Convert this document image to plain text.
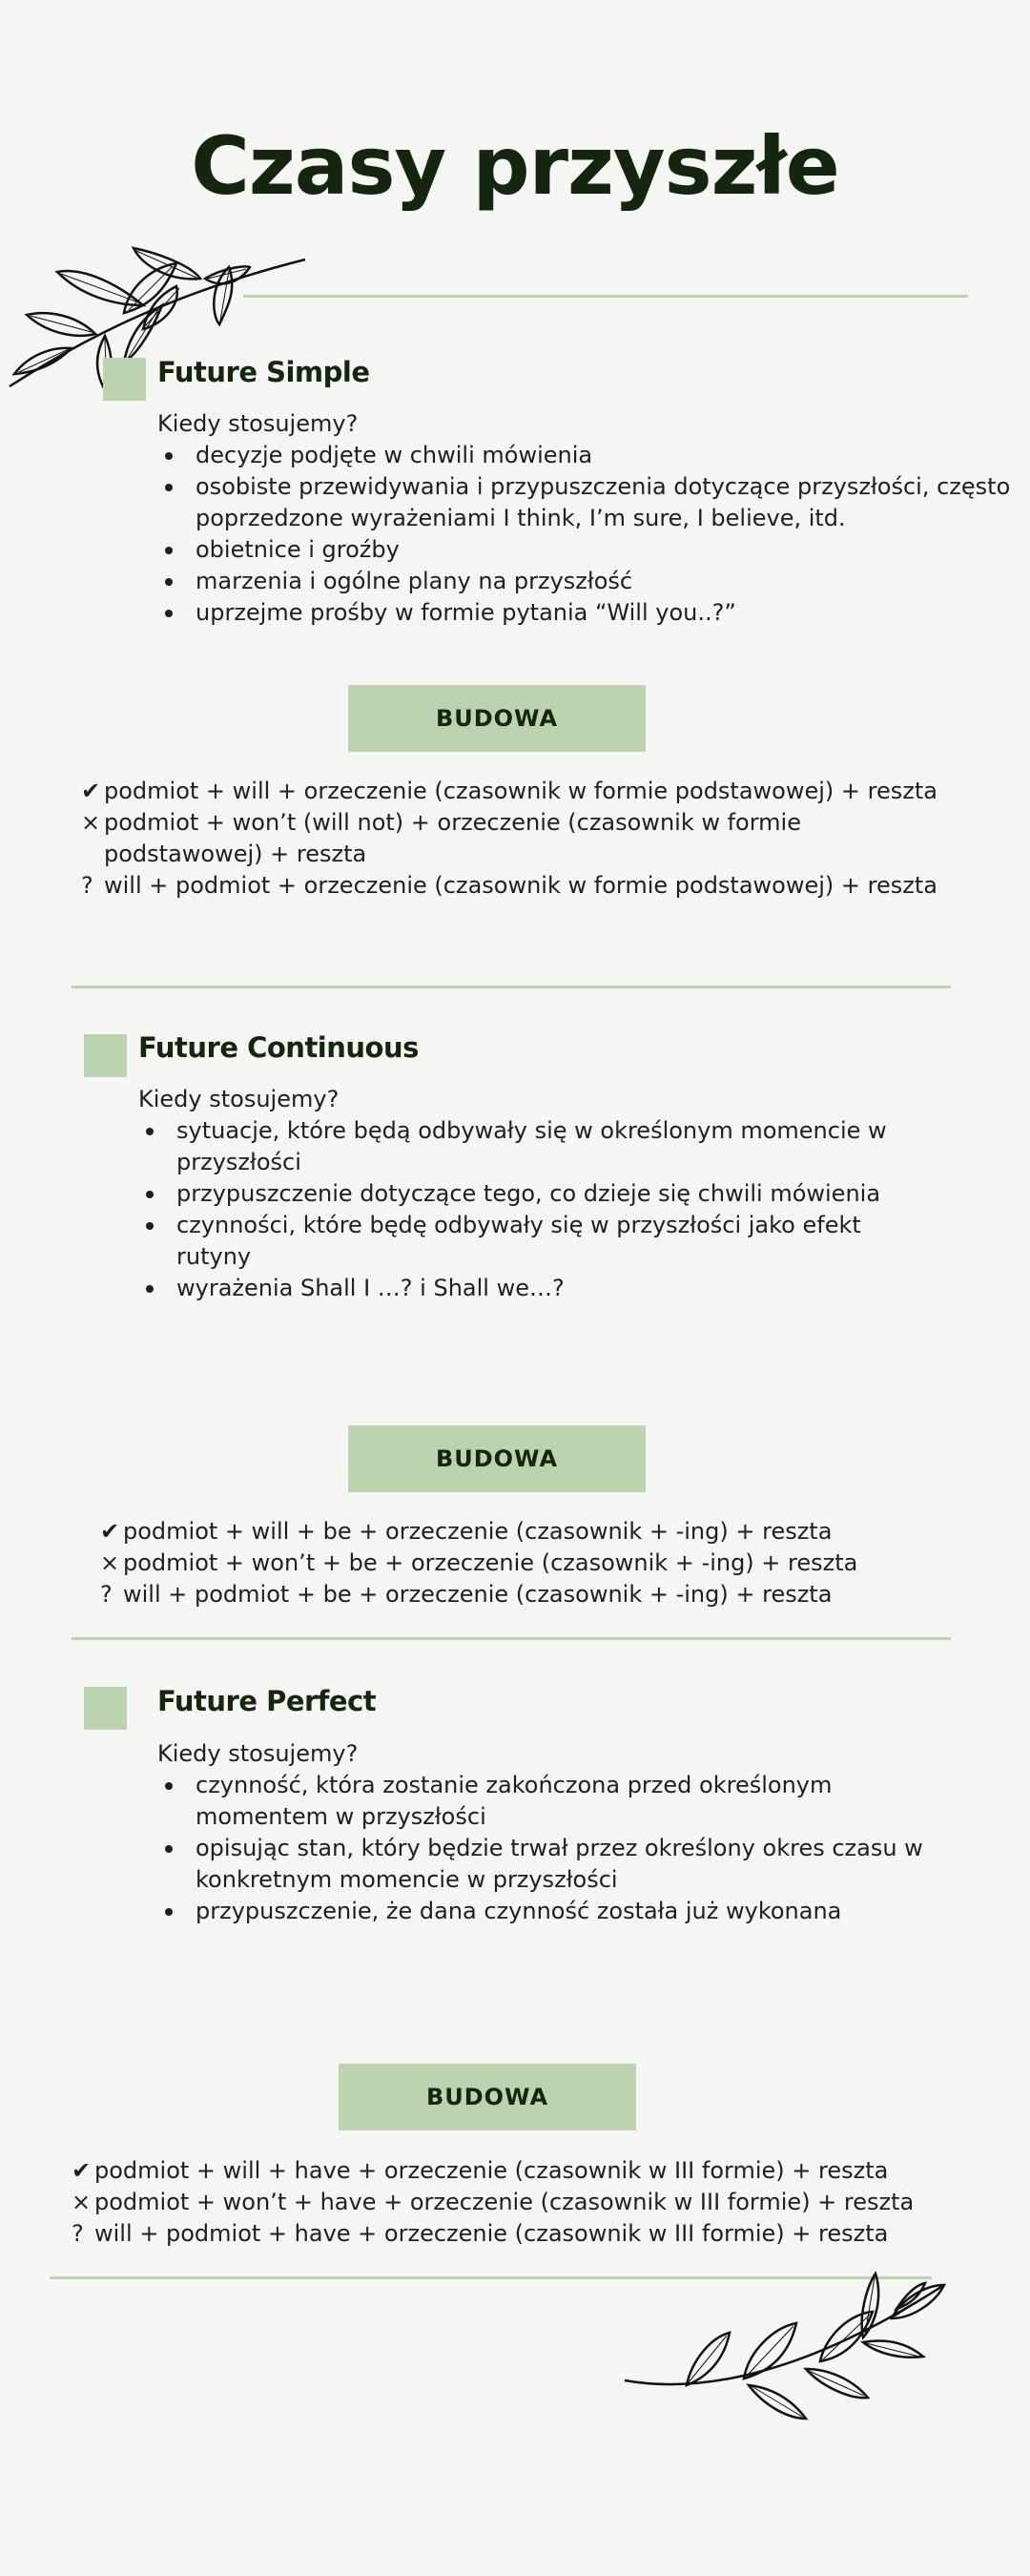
Czasy przyszłe
Future Simple

Kiedy stosujemy?

decyzje podjęte w chwili mówienia
osobiste przewidywania i przypuszczenia dotyczące przyszłości, często poprzedzone wyrażeniami I think, I’m sure, I believe, itd.
obietnice i groźby
marzenia i ogólne plany na przyszłość
uprzejme prośby w formie pytania “Will you..?”
BUDOWA
✔ podmiot + will + orzeczenie (czasownik w formie podstawowej) + reszta
× podmiot + won’t (will not) + orzeczenie (czasownik w formie podstawowej) + reszta
? will + podmiot + orzeczenie (czasownik w formie podstawowej) + reszta
Future Continuous

Kiedy stosujemy?

sytuacje, które będą odbywały się w określonym momencie w przyszłości
przypuszczenie dotyczące tego, co dzieje się chwili mówienia
czynności, które będę odbywały się w przyszłości jako efekt rutyny
wyrażenia Shall I …? i Shall we…?
BUDOWA
✔ podmiot + will + be + orzeczenie (czasownik + -ing) + reszta
× podmiot + won’t + be + orzeczenie (czasownik + -ing) + reszta
? will + podmiot + be + orzeczenie (czasownik + -ing) + reszta
Future Perfect

Kiedy stosujemy?

czynność, która zostanie zakończona przed określonym momentem w przyszłości
opisując stan, który będzie trwał przez określony okres czasu w konkretnym momencie w przyszłości
przypuszczenie, że dana czynność została już wykonana
BUDOWA
✔ podmiot + will + have + orzeczenie (czasownik w III formie) + reszta
× podmiot + won’t + have + orzeczenie (czasownik w III formie) + reszta
? will + podmiot + have + orzeczenie (czasownik w III formie) + reszta
